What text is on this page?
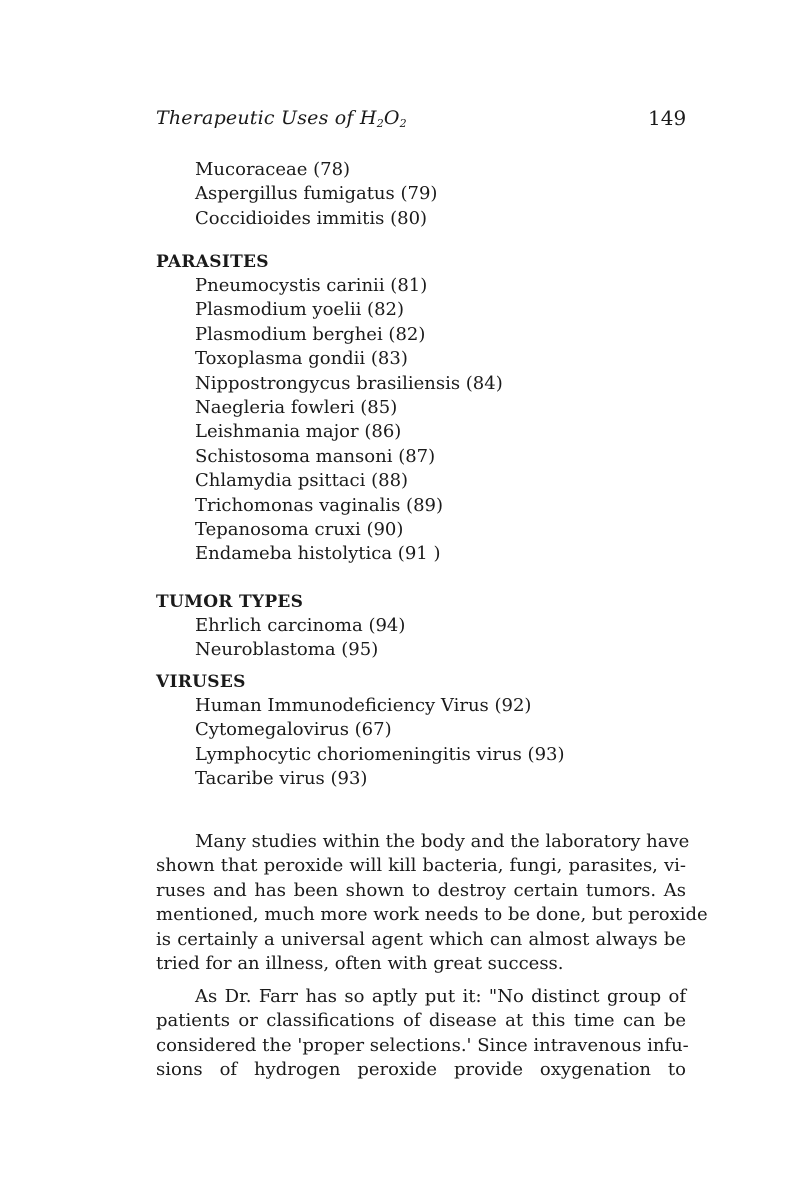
Therapeutic Uses of $H_2O_2$	149
Mucoraceae (78)
Aspergillus fumigatus (79)
Coccidioides immitis (80)
PARASITES
Pneumocystis carinii (81)
Plasmodium yoelii (82)
Plasmodium berghei (82)
Toxoplasma gondii (83)
Nippostrongycus brasiliensis (84)
Naegleria fowleri (85)
Leishmania major (86)
Schistosoma mansoni (87)
Chlamydia psittaci (88)
Trichomonas vaginalis (89)
Tepanosoma cruxi (90)
Endameba histolytica (91 )
TUMOR TYPES
Ehrlich carcinoma (94)
Neuroblastoma (95)
VIRUSES
Human Immunodeficiency Virus (92)
Cytomegalovirus (67)
Lymphocytic choriomeningitis virus (93)
Tacaribe virus (93)
Many studies within the body and the laboratory have
shown that peroxide will kill bacteria, fungi, parasites, vi-
ruses and has been shown to destroy certain tumors. As
mentioned, much more work needs to be done, but peroxide
is certainly a universal agent which can almost always be
tried for an illness, often with great success.
As Dr. Farr has so aptly put it: "No distinct group of
patients or classifications of disease at this time can be
considered the 'proper selections.' Since intravenous infu-
sions of hydrogen peroxide provide oxygenation to
